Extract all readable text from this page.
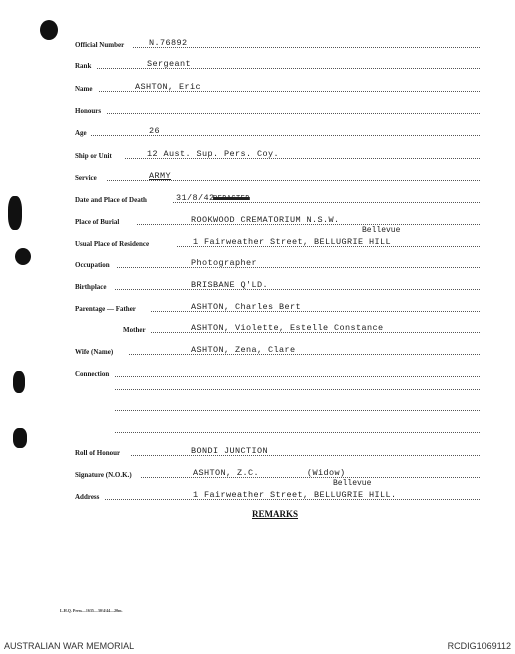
Official Number	N.76892
Rank	Sergeant
Name	ASHTON, Eric
Honours
Age	26
Ship or Unit	12 Aust. Sup. Pers. Coy.
Service	ARMY
Date and Place of Death	31/8/42
REDACTED
Place of Burial	ROOKWOOD CREMATORIUM N.S.W.
Usual Place of Residence	1 Fairweather Street, BELLUGRIE HILL
Bellevue
Occupation	Photographer
Birthplace	BRISBANE Q'LD.
Parentage — Father	ASHTON, Charles Bert
Mother	ASHTON, Violette, Estelle Constance
Wife (Name)	ASHTON, Zena, Clare
Connection
Roll of Honour	BONDI JUNCTION
Signature (N.O.K.)	ASHTON, Z.C.	(Widow)
Address	1 Fairweather Street, BELLUGRIE HILL.
Bellevue
REMARKS
L.H.Q. Press—1635—30/4/44—20m.
AUSTRALIAN WAR MEMORIAL	RCDIG1069112
